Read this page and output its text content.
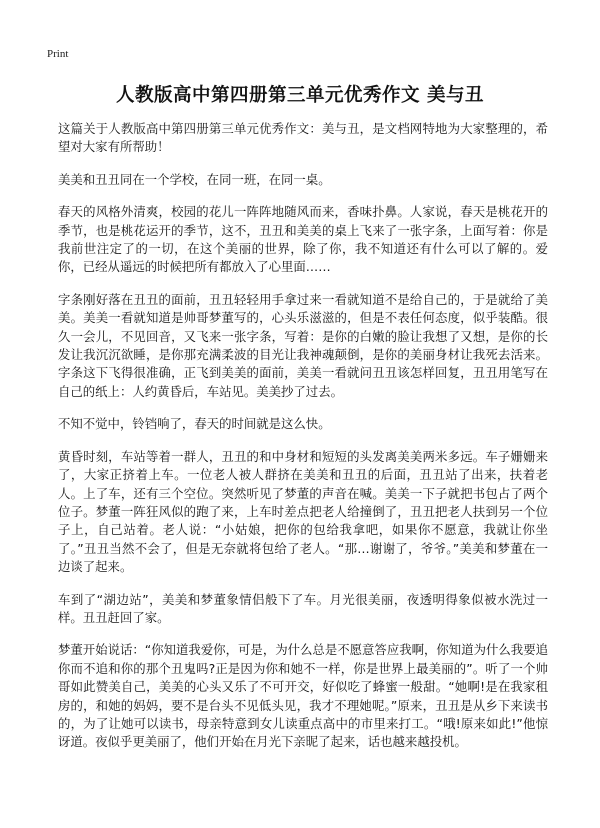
Print
人教版高中第四册第三单元优秀作文 美与丑

这篇关于人教版高中第四册第三单元优秀作文：美与丑，是文档网特地为大家整理的，希望对大家有所帮助！

美美和丑丑同在一个学校，在同一班，在同一桌。

春天的风格外清爽，校园的花儿一阵阵地随风而来，香味扑鼻。人家说，春天是桃花开的季节，也是桃花运开的季节，这不，丑丑和美美的桌上飞来了一张字条，上面写着：你是我前世注定了的一切，在这个美丽的世界，除了你，我不知道还有什么可以了解的。爱你，已经从遥远的时候把所有都放入了心里面……

字条刚好落在丑丑的面前，丑丑轻轻用手拿过来一看就知道不是给自己的，于是就给了美美。美美一看就知道是帅哥梦董写的，心头乐滋滋的，但是不表任何态度，似乎装酷。很久一会儿，不见回音，又飞来一张字条，写着：是你的白嫩的脸让我想了又想，是你的长发让我沉沉欲睡，是你那充满柔波的目光让我神魂颠倒，是你的美丽身材让我死去活来。字条这下飞得很准确，正飞到美美的面前，美美一看就问丑丑该怎样回复，丑丑用笔写在自己的纸上：人约黄昏后，车站见。美美抄了过去。

不知不觉中，铃铛响了，春天的时间就是这么快。

黄昏时刻，车站等着一群人，丑丑的和中身材和短短的头发离美美两米多远。车子姗姗来了，大家正挤着上车。一位老人被人群挤在美美和丑丑的后面，丑丑站了出来，扶着老人。上了车，还有三个空位。突然听见了梦董的声音在喊。美美一下子就把书包占了两个位子。梦董一阵狂风似的跑了来，上车时差点把老人给撞倒了，丑丑把老人扶到另一个位子上，自己站着。老人说：“小姑娘，把你的包给我拿吧，如果你不愿意，我就让你坐了。”丑丑当然不会了，但是无奈就将包给了老人。“那…谢谢了，爷爷。”美美和梦董在一边谈了起来。

车到了“湖边站”，美美和梦董象情侣般下了车。月光很美丽，夜透明得象似被水洗过一样。丑丑赶回了家。

梦董开始说话：“你知道我爱你，可是，为什么总是不愿意答应我啊，你知道为什么我要追你而不追和你的那个丑鬼吗?正是因为你和她不一样，你是世界上最美丽的”。听了一个帅哥如此赞美自己，美美的心头又乐了不可开交，好似吃了蜂蜜一般甜。“她啊!是在我家租房的，和她的妈妈，要不是台头不见低头见，我才不理她呢。”原来，丑丑是从乡下来读书的，为了让她可以读书，母亲特意到女儿读重点高中的市里来打工。“哦!原来如此!”他惊讶道。夜似乎更美丽了，他们开始在月光下亲昵了起来，话也越来越投机。
